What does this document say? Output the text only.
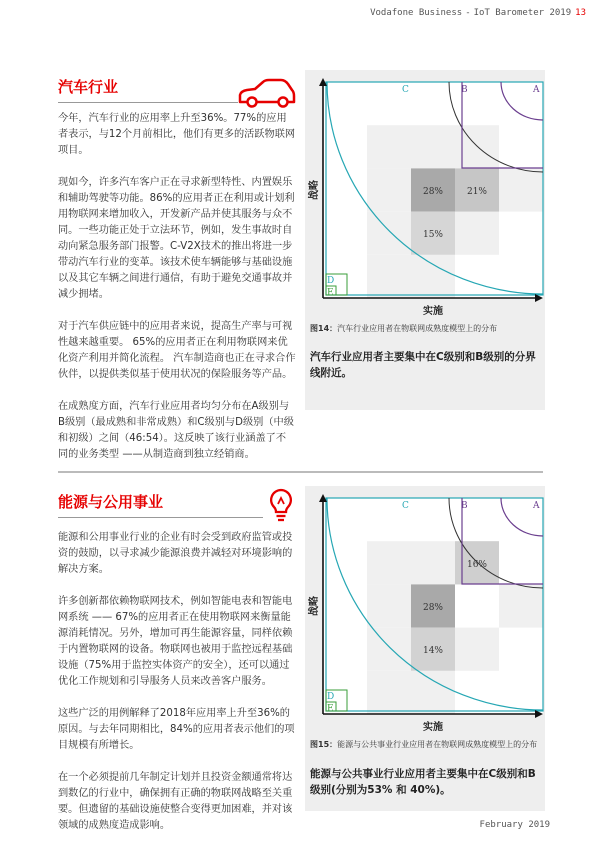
Vodafone Business - IoT Barometer 2019 13
汽车行业

今年，汽车行业的应用率上升至36%。77%的应用者表示，与12个月前相比，他们有更多的活跃物联网项目。

现如今，许多汽车客户正在寻求新型特性、内置娱乐和辅助驾驶等功能。86%的应用者正在利用或计划利用物联网来增加收入，开发新产品并使其服务与众不同。一些功能正处于立法环节，例如，发生事故时自动向紧急服务部门报警。C-V2X技术的推出将进一步带动汽车行业的变革。该技术使车辆能够与基础设施以及其它车辆之间进行通信，有助于避免交通事故并减少拥堵。

对于汽车供应链中的应用者来说，提高生产率与可视性越来越重要。 65%的应用者正在利用物联网来优化资产利用并简化流程。 汽车制造商也正在寻求合作伙伴，以提供类似基于使用状况的保险服务等产品。

在成熟度方面，汽车行业应用者均匀分布在A级别与B级别（最成熟和非常成熟）和C级别与D级别（中级和初级）之间（46:54）。这反映了该行业涵盖了不同的业务类型 ——从制造商到独立经销商。

28%	21%
15%
C	B	A
D
E
战略
实施
图14：汽车行业应用者在物联网成熟度模型上的分布
汽车行业应用者主要集中在C级别和B级别的分界线附近。
能源与公用事业

能源和公用事业行业的企业有时会受到政府监管或投资的鼓励，以寻求减少能源浪费并减轻对环境影响的解决方案。

许多创新都依赖物联网技术，例如智能电表和智能电网系统 —— 67%的应用者正在使用物联网来衡量能源消耗情况。另外，增加可再生能源容量，同样依赖于内置物联网的设备。物联网也被用于监控远程基础设施（75%用于监控实体资产的安全），还可以通过优化工作规划和引导服务人员来改善客户服务。

这些广泛的用例解释了2018年应用率上升至36%的原因。与去年同期相比，84%的应用者表示他们的项目规模有所增长。

在一个必须提前几年制定计划并且投资金额通常将达到数亿的行业中，确保拥有正确的物联网战略至关重要。但遗留的基础设施使整合变得更加困难，并对该领域的成熟度造成影响。

16%
28%
14%
C	B	A
D
E
战略
实施
图15：能源与公共事业行业应用者在物联网成熟度模型上的分布
能源与公共事业行业应用者主要集中在C级别和B级别(分别为53% 和 40%)。
February 2019
